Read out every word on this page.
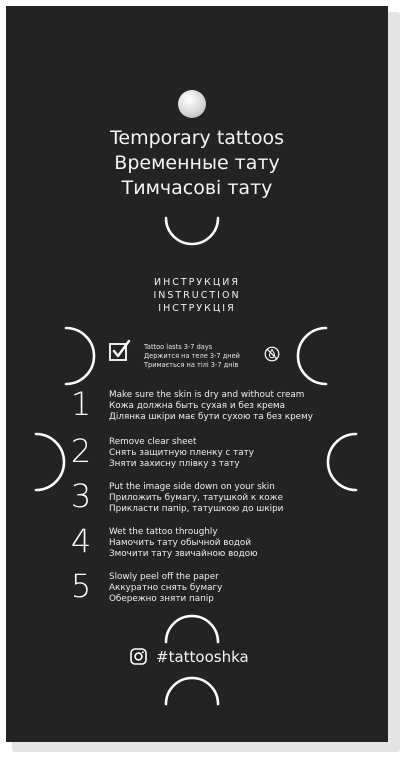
Temporary tattoos
Временные тату
Тимчасові тату
ИНСТРУКЦИЯ
INSTRUCTION
ІНСТРУКЦІЯ
Tattoo lasts 3-7 days
Держится на теле 3-7 дней
Тримається на тілі 3-7 днів
1	Make sure the skin is dry and without cream
Кожа должна быть сухая и без крема
Ділянка шкіри має бути сухою та без крему
2	Remove clear sheet
Снять защитную пленку с тату
Зняти захисну плівку з тату
3	Put the image side down on your skin
Приложить бумагу, татушкой к коже
Прикласти папір, татушкою до шкіри
4	Wet the tattoo throughly
Намочить тату обычной водой
Змочити тату звичайною водою
5	Slowly peel off the paper
Аккуратно снять бумагу
Обережно зняти папір
#tattooshka
